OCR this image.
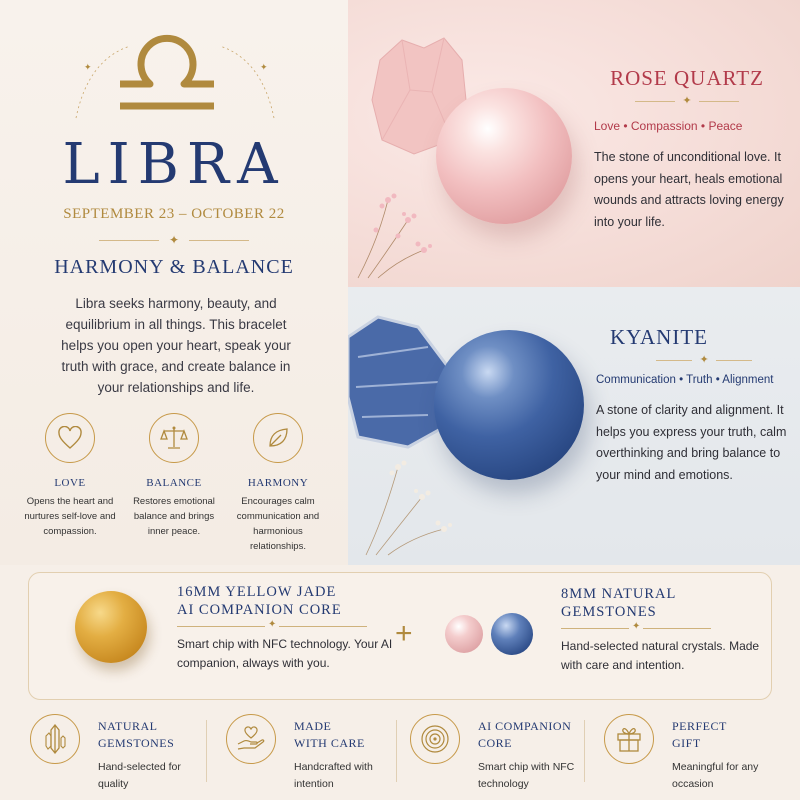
✦	✦
LIBRA
SEPTEMBER 23 – OCTOBER 22
✦
HARMONY & BALANCE
Libra seeks harmony, beauty, and equilibrium in all things. This bracelet helps you open your heart, speak your truth with grace, and create balance in your relationships and life.
LOVE
Opens the heart and nurtures self-love and compassion.
BALANCE
Restores emotional balance and brings inner peace.
HARMONY
Encourages calm communication and harmonious relationships.
ROSE QUARTZ
✦
Love • Compassion • Peace
The stone of unconditional love. It opens your heart, heals emotional wounds and attracts loving energy into your life.
KYANITE
✦
Communication • Truth • Alignment
A stone of clarity and alignment. It helps you express your truth, calm overthinking and bring balance to your mind and emotions.
16MM YELLOW JADE
AI COMPANION CORE
✦
Smart chip with NFC technology. Your AI companion, always with you.
+
8MM NATURAL
GEMSTONES
✦
Hand-selected natural crystals. Made with care and intention.
NATURAL
GEMSTONES
Hand-selected for quality
MADE
WITH CARE
Handcrafted with intention
AI COMPANION
CORE
Smart chip with NFC technology
PERFECT
GIFT
Meaningful for any occasion
